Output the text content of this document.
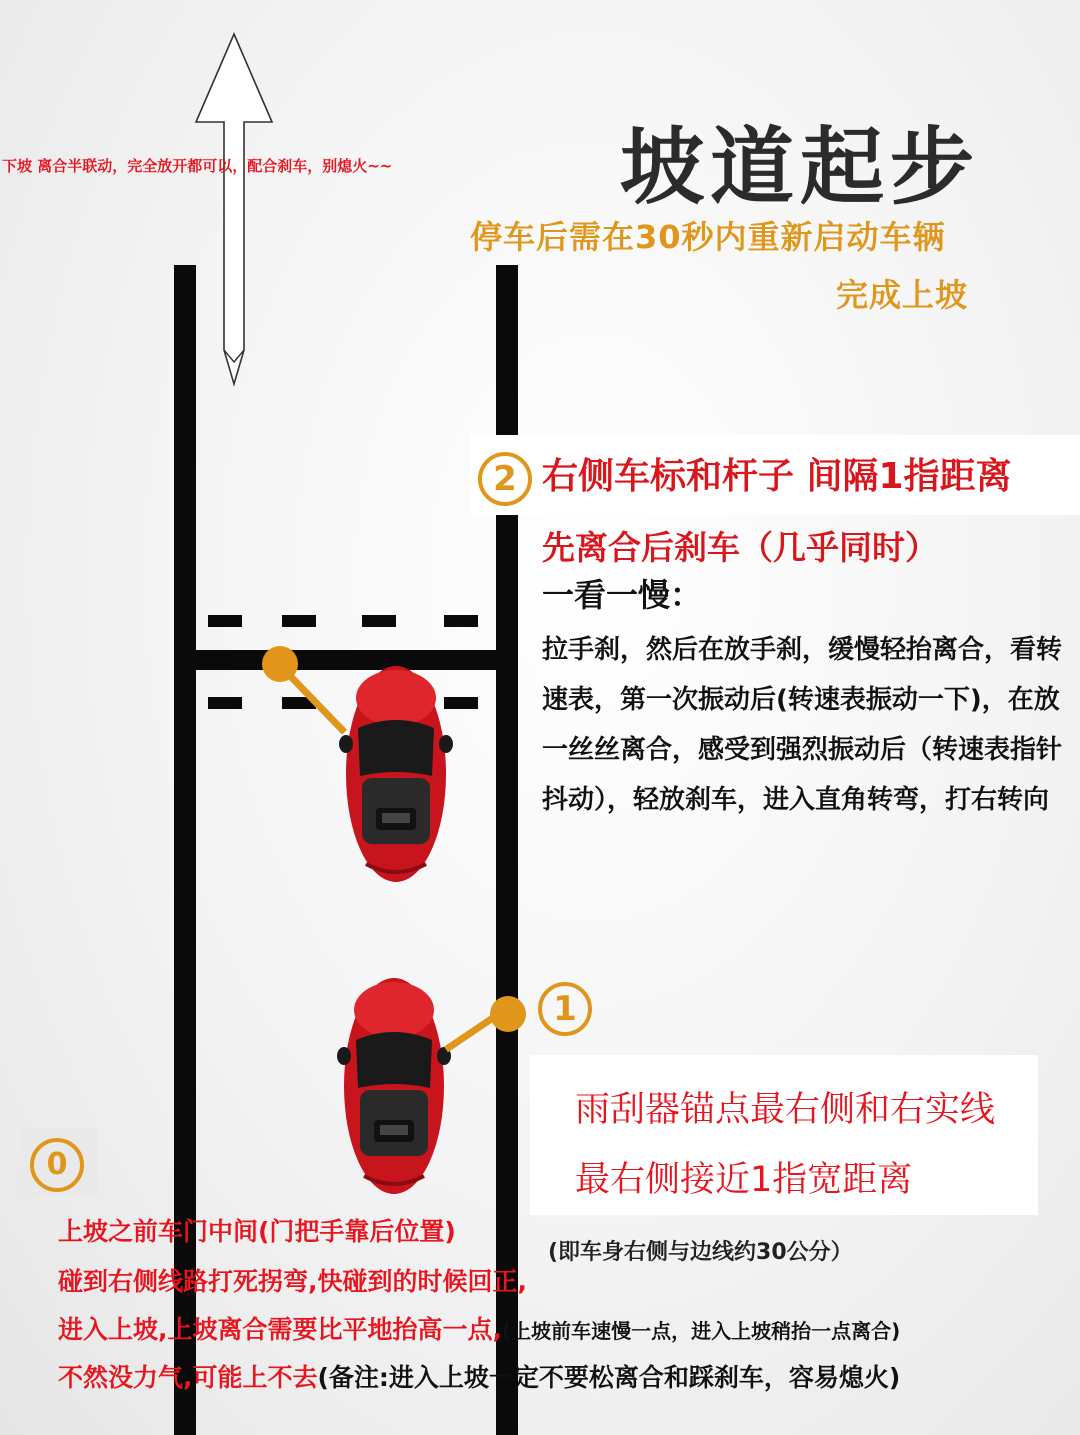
坡道起步
停车后需在30秒内重新启动车辆
完成上坡
下坡 离合半联动，完全放开都可以，配合刹车，别熄火~~
2 右侧车标和杆子 间隔1指距离
先离合后刹车（几乎同时）
一看一慢：
拉手刹，然后在放手刹，缓慢轻抬离合，看转速表，第一次振动后(转速表振动一下)，在放一丝丝离合，感受到强烈振动后（转速表指针抖动），轻放刹车，进入直角转弯，打右转向
1
雨刮器锚点最右侧和右实线
最右侧接近1指宽距离
(即车身右侧与边线约30公分）
0
上坡之前车门中间(门把手靠后位置)
碰到右侧线路打死拐弯,快碰到的时候回正,
进入上坡,上坡离合需要比平地抬高一点,(上坡前车速慢一点，进入上坡稍抬一点离合)
不然没力气,可能上不去(备注:进入上坡一定不要松离合和踩刹车，容易熄火)
